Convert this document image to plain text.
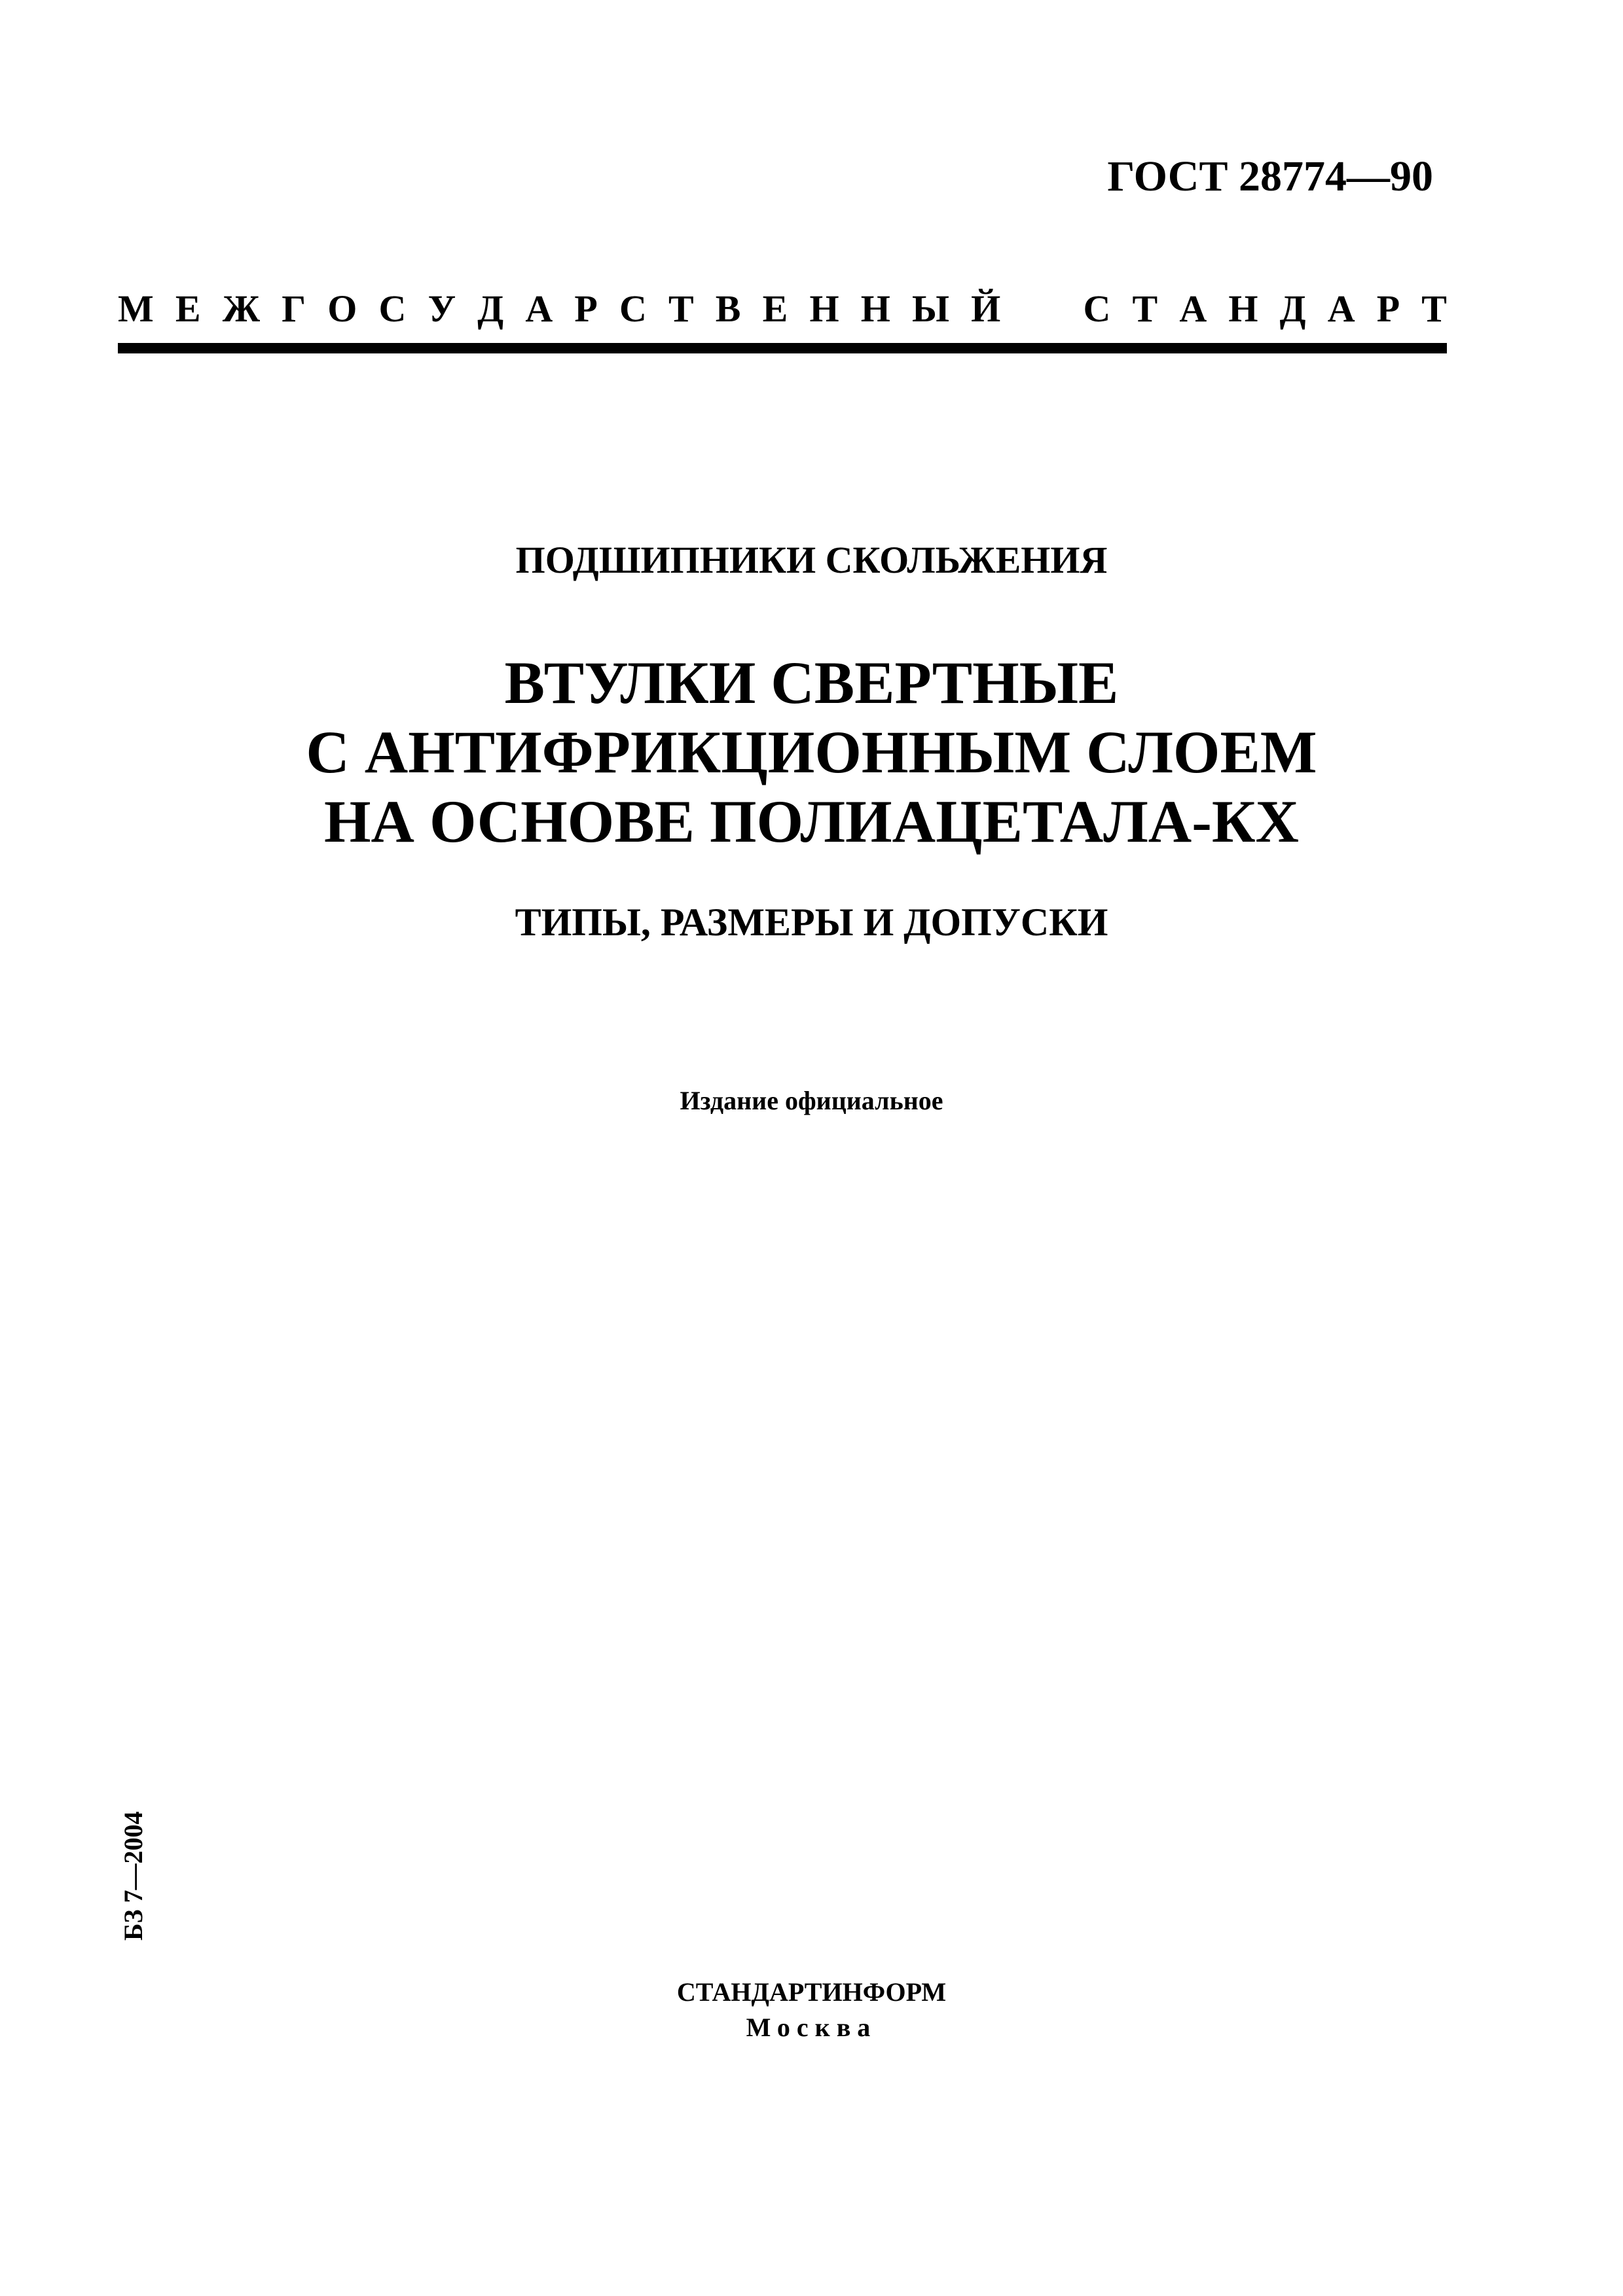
ГОСТ 28774—90
М Е Ж Г О С У Д А Р С Т В Е Н Н Ы Й С Т А Н Д А Р Т
ПОДШИПНИКИ СКОЛЬЖЕНИЯ
ВТУЛКИ СВЕРТНЫЕ
С АНТИФРИКЦИОННЫМ СЛОЕМ
НА ОСНОВЕ ПОЛИАЦЕТАЛА-КХ
ТИПЫ, РАЗМЕРЫ И ДОПУСКИ
Издание официальное
БЗ 7—2004
СТАНДАРТИНФОРМ
Москва
